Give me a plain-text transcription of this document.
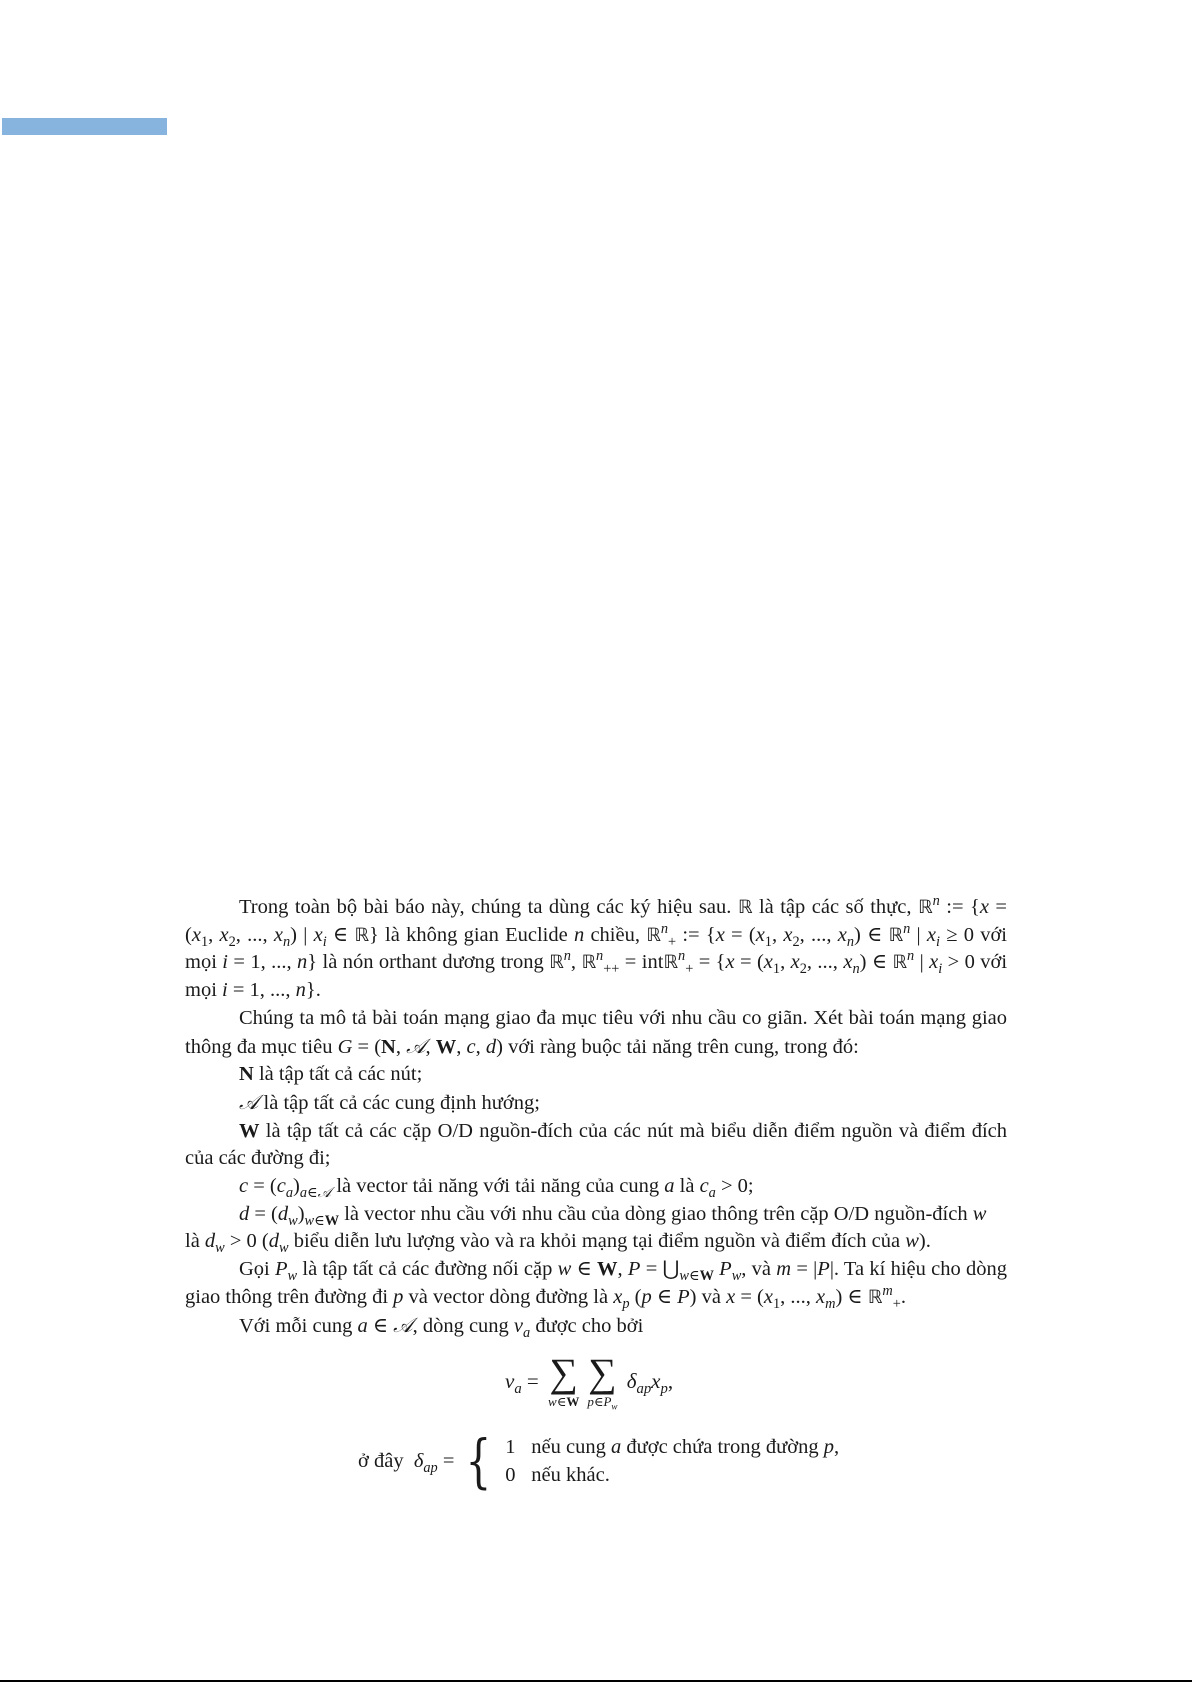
Trong toàn bộ bài báo này, chúng ta dùng các ký hiệu sau. ℝ là tập các số thực, ℝ$^n$ := {$x = (x_1$, $x_2$, ..., $x_n$) | $x_i$ ∈ ℝ} là không gian Euclide n chiều, ℝ$^n_+$ := {$x = (x_1$, $x_2$, ..., $x_n$) ∈ ℝ$^n$ | $x_i \ge 0$ với mọi i = 1, ..., n} là nón orthant dương trong ℝ$^n$, ℝ$^n_{++}$ = intℝ$^n_+$ = {$x = (x_1$, $x_2$, ..., $x_n$) ∈ ℝ$^n$ | $x_i > 0$ với mọi i = 1, ..., n}.

Chúng ta mô tả bài toán mạng giao đa mục tiêu với nhu cầu co giãn. Xét bài toán mạng giao thông đa mục tiêu G = (N, 𝒜, W, c, d) với ràng buộc tải năng trên cung, trong đó:

N là tập tất cả các nút;

𝒜 là tập tất cả các cung định hướng;

W là tập tất cả các cặp O/D nguồn-đích của các nút mà biểu diễn điểm nguồn và điểm đích của các đường đi;

$c = (c_a)_{a\in 𝒜}$ là vector tải năng với tải năng của cung a là $c_a > 0$;

$d = (d_w)_{w\in W}$ là vector nhu cầu với nhu cầu của dòng giao thông trên cặp O/D nguồn-đích w

là $d_w > 0$ ($d_w$ biểu diễn lưu lượng vào và ra khỏi mạng tại điểm nguồn và điểm đích của w).

Gọi $P_w$ là tập tất cả các đường nối cặp w ∈ W, $P = ⋃_{w\in W}$ $P_w$, và m = |P|. Ta kí hiệu cho dòng giao thông trên đường đi p và vector dòng đường là $x_p$ (p ∈ P) và $x = (x_1$, ..., $x_m$) ∈ ℝ$^m_+$.

Với mỗi cung a ∈ 𝒜, dòng cung $v_a$ được cho bởi

$v_a$ = ∑
w∈W
∑
$p\in P_w$

$\delta_{ap}x_p$ ,
ở đây
$\delta_{ap}$ = { 1 nếu cung
a
được chứa trong đường
p ,
0 nếu khác.
